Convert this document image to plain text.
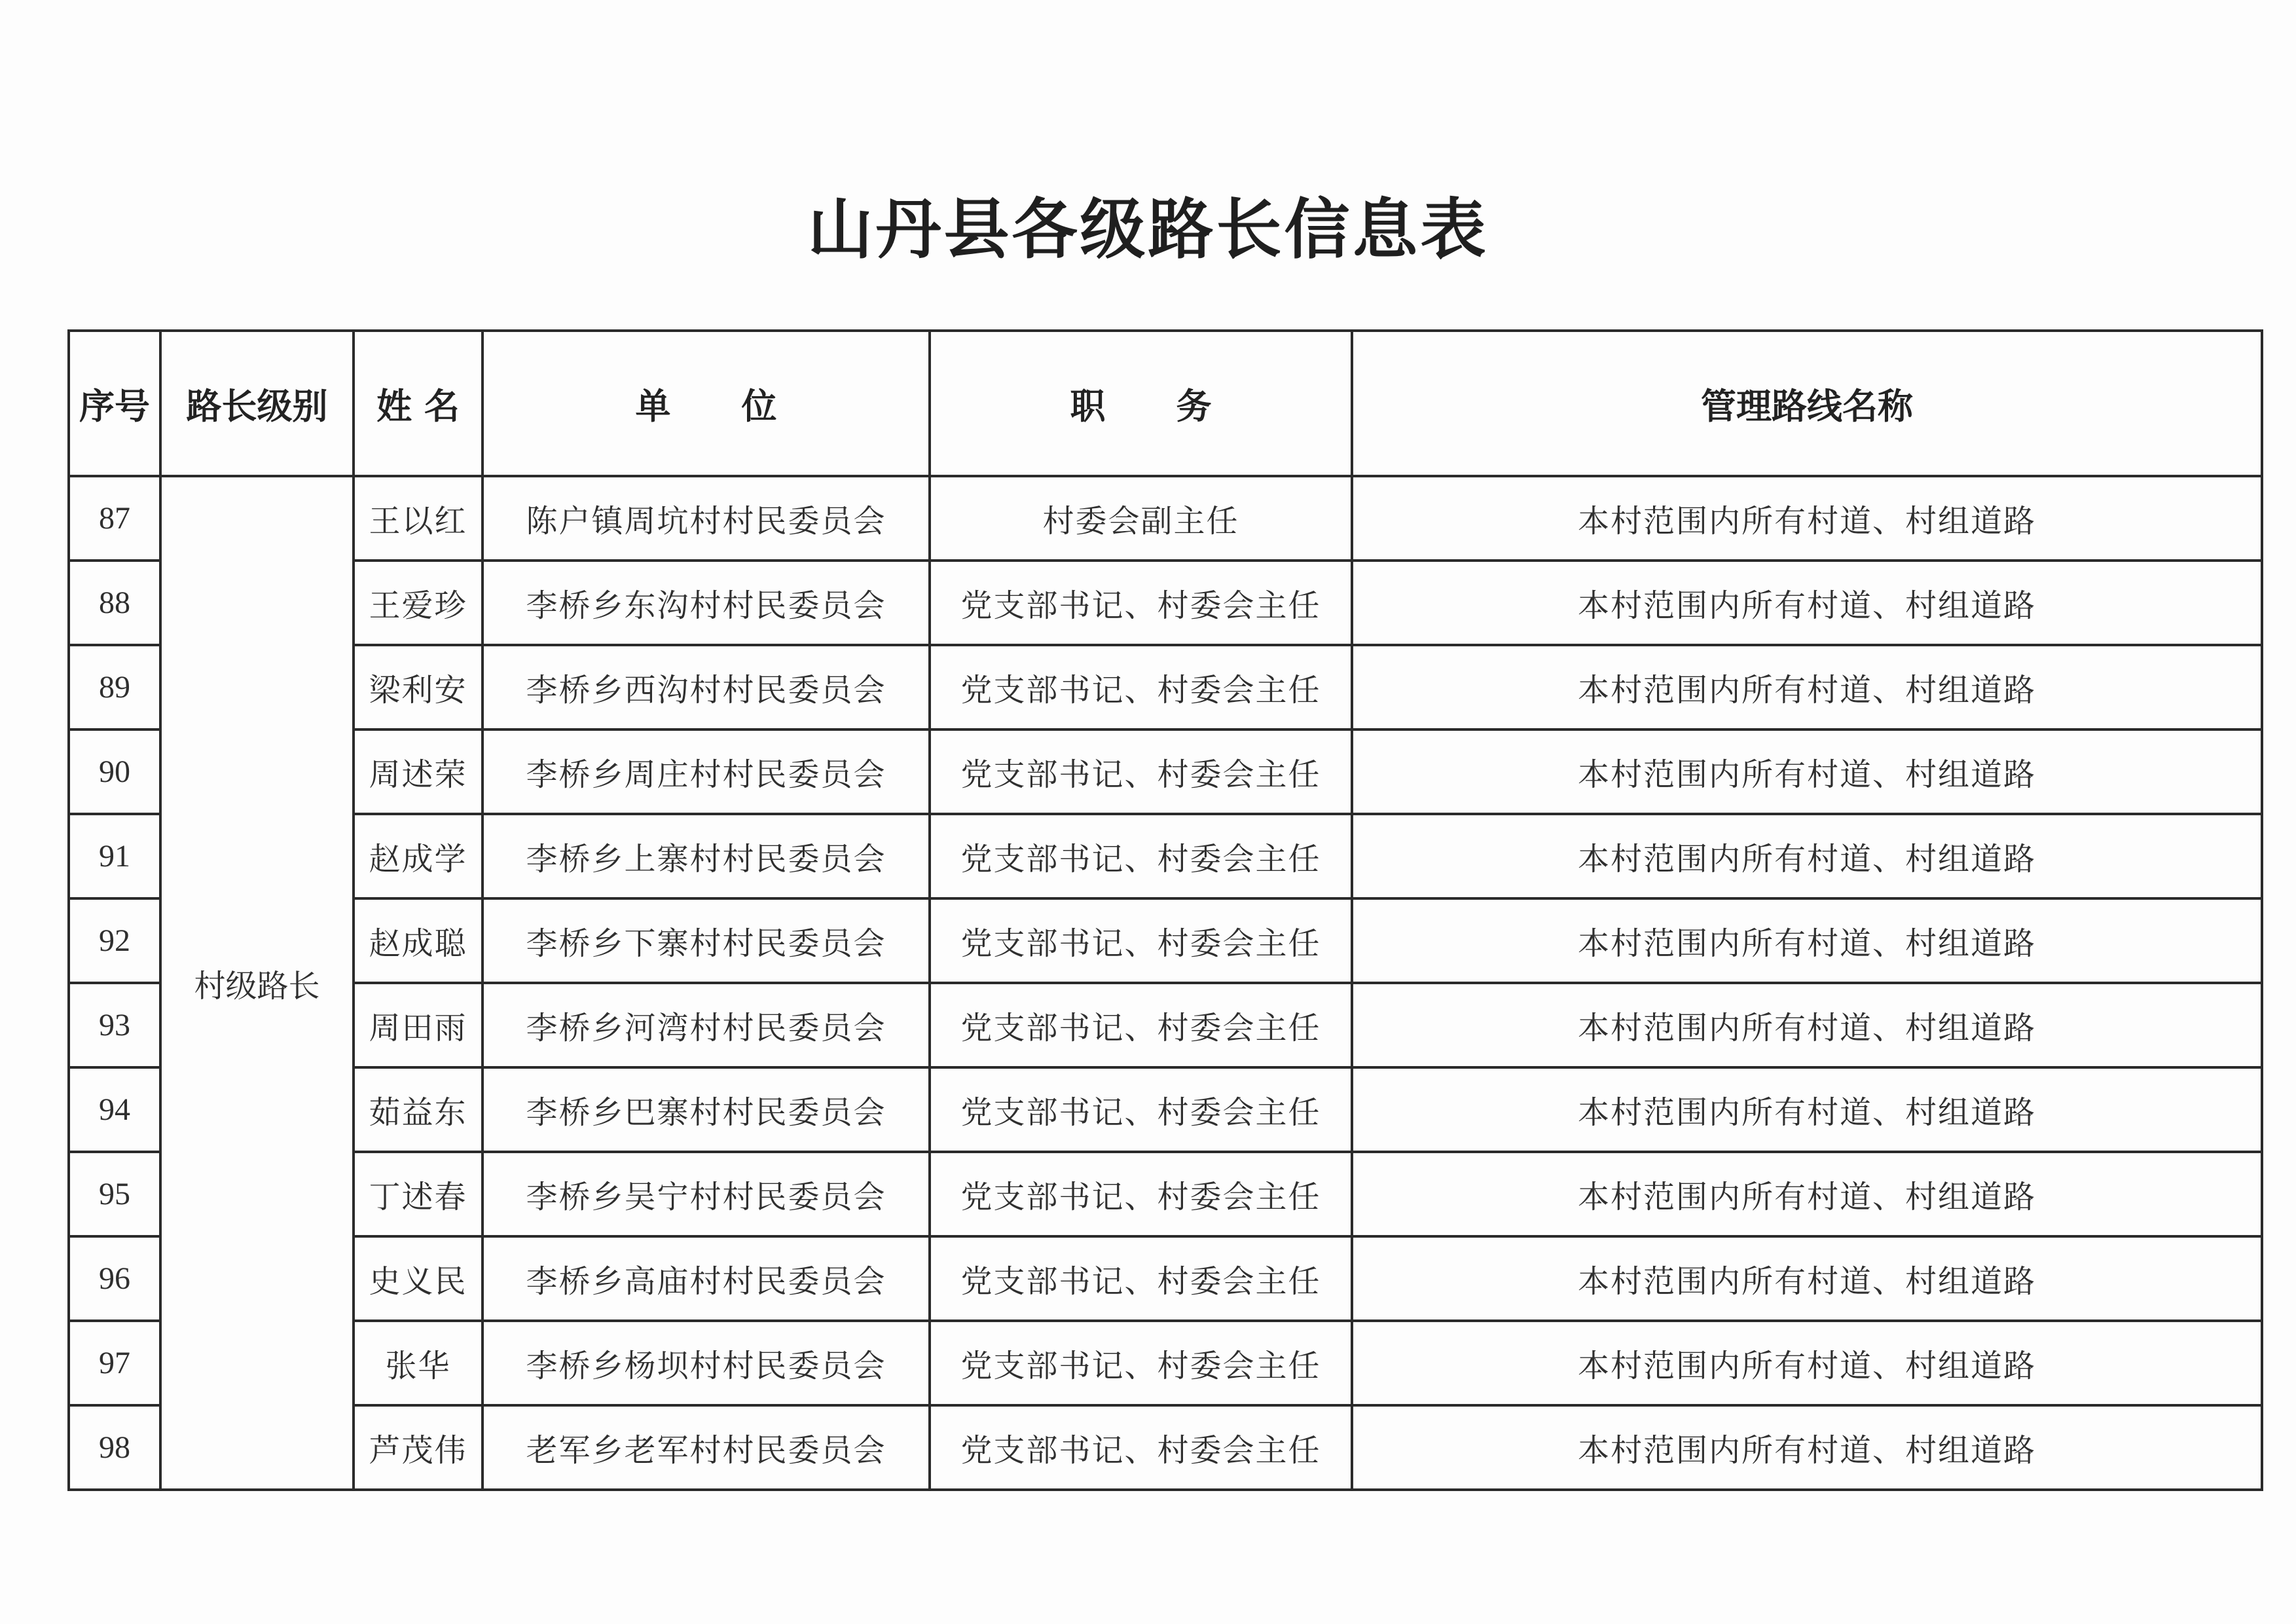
山丹县各级路长信息表
序号	路长级别	姓 名	单　　位	职　　务	管理路线名称
87	村级路长	王以红	陈户镇周坑村村民委员会	村委会副主任	本村范围内所有村道、村组道路
88		王爱珍	李桥乡东沟村村民委员会	党支部书记、村委会主任	本村范围内所有村道、村组道路
89		梁利安	李桥乡西沟村村民委员会	党支部书记、村委会主任	本村范围内所有村道、村组道路
90		周述荣	李桥乡周庄村村民委员会	党支部书记、村委会主任	本村范围内所有村道、村组道路
91		赵成学	李桥乡上寨村村民委员会	党支部书记、村委会主任	本村范围内所有村道、村组道路
92		赵成聪	李桥乡下寨村村民委员会	党支部书记、村委会主任	本村范围内所有村道、村组道路
93		周田雨	李桥乡河湾村村民委员会	党支部书记、村委会主任	本村范围内所有村道、村组道路
94		茹益东	李桥乡巴寨村村民委员会	党支部书记、村委会主任	本村范围内所有村道、村组道路
95		丁述春	李桥乡吴宁村村民委员会	党支部书记、村委会主任	本村范围内所有村道、村组道路
96		史义民	李桥乡高庙村村民委员会	党支部书记、村委会主任	本村范围内所有村道、村组道路
97		张华	李桥乡杨坝村村民委员会	党支部书记、村委会主任	本村范围内所有村道、村组道路
98		芦茂伟	老军乡老军村村民委员会	党支部书记、村委会主任	本村范围内所有村道、村组道路
